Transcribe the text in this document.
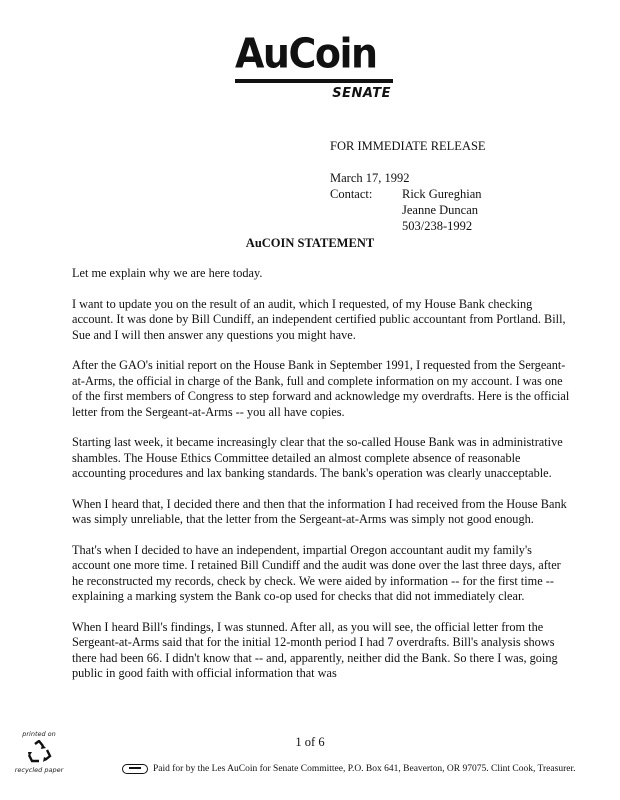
AuCoin
SENATE
FOR IMMEDIATE RELEASE
March 17, 1992
Contact:	Rick Gureghian
Jeanne Duncan
503/238-1992
AuCOIN STATEMENT

Let me explain why we are here today.

I want to update you on the result of an audit, which I requested, of my House Bank checking account. It was done by Bill Cundiff, an independent certified public accountant from Portland. Bill, Sue and I will then answer any questions you might have.

After the GAO's initial report on the House Bank in September 1991, I requested from the Sergeant-at-Arms, the official in charge of the Bank, full and complete information on my account. I was one of the first members of Congress to step forward and acknowledge my overdrafts. Here is the official letter from the Sergeant-at-Arms -- you all have copies.

Starting last week, it became increasingly clear that the so-called House Bank was in administrative shambles. The House Ethics Committee detailed an almost complete absence of reasonable accounting procedures and lax banking standards. The bank's operation was clearly unacceptable.

When I heard that, I decided there and then that the information I had received from the House Bank was simply unreliable, that the letter from the Sergeant-at-Arms was simply not good enough.

That's when I decided to have an independent, impartial Oregon accountant audit my family's account one more time. I retained Bill Cundiff and the audit was done over the last three days, after he reconstructed my records, check by check. We were aided by information -- for the first time -- explaining a marking system the Bank co-op used for checks that did not immediately clear.

When I heard Bill's findings, I was stunned. After all, as you will see, the official letter from the Sergeant-at-Arms said that for the initial 12-month period I had 7 overdrafts. Bill's analysis shows there had been 66. I didn't know that -- and, apparently, neither did the Bank. So there I was, going public in good faith with official information that was

1 of 6
printed on
recycled paper	Paid for by the Les AuCoin for Senate Committee, P.O. Box 641, Beaverton, OR 97075. Clint Cook, Treasurer.
